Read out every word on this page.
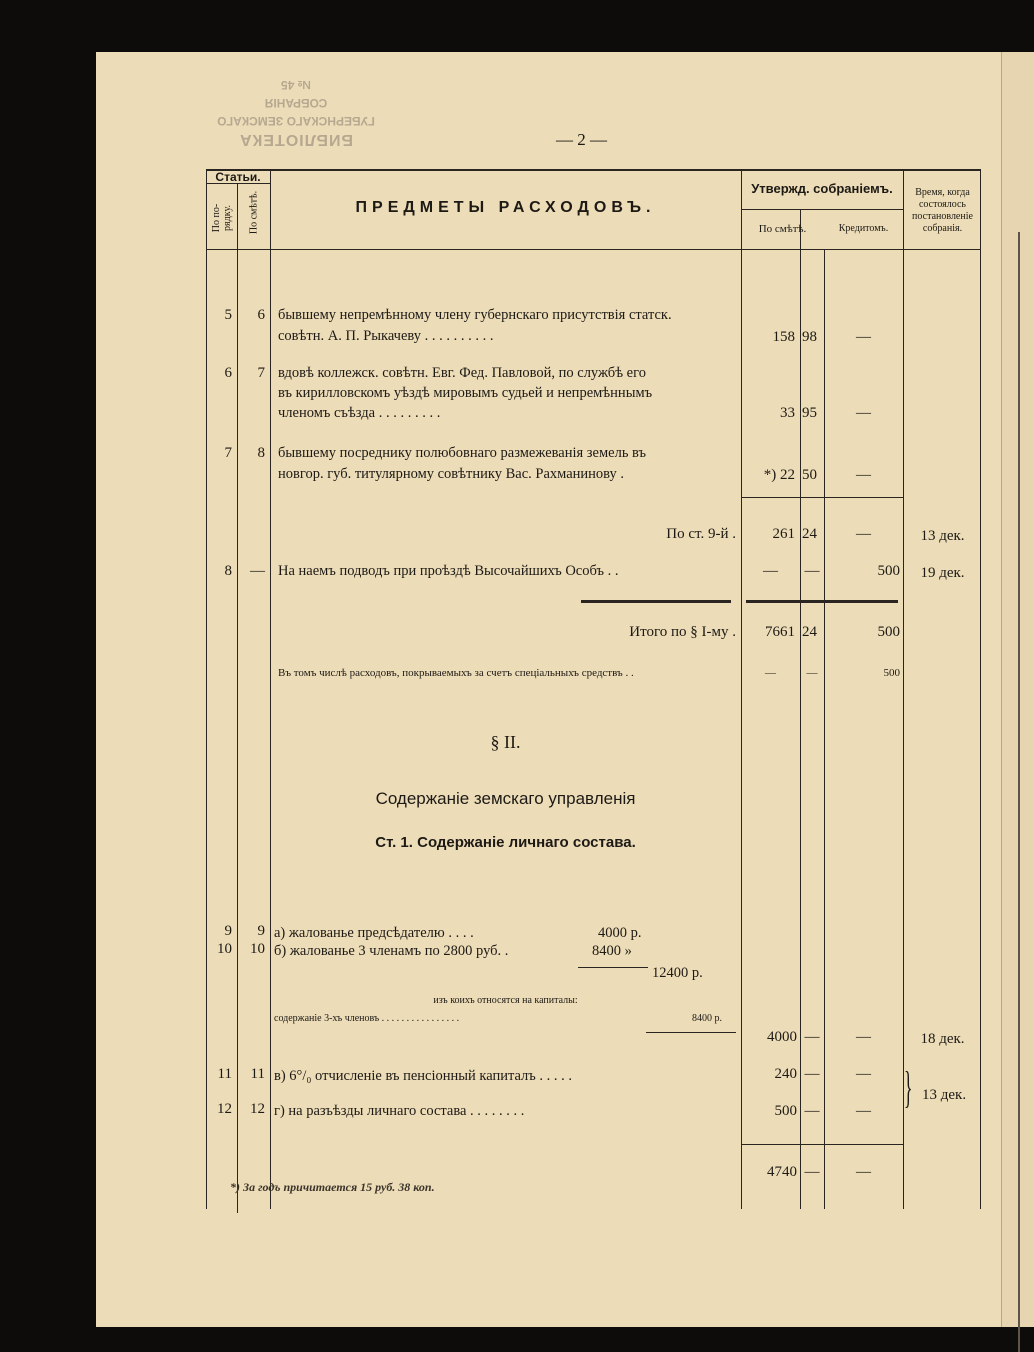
БИБЛІОТЕКА
ГУБЕРНСКАГО ЗЕМСКАГО
СОБРАНІЯ
№ 45
— 2 —
Статьи.
По по-рядку. По смѣтѣ.	ПРЕДМЕТЫ РАСХОДОВЪ.
Утвержд. собраніемъ.
По смѣтѣ.	Кредитомъ.
Время, когда состоялось постановленіе собранія.
5	6 бывшему непремѣнному члену губернскаго присутствія статск.
совѣтн. А. П. Рыкачеву . . . . . . . . . .	158 98	—
6	7 вдовѣ коллежск. совѣтн. Евг. Фед. Павловой, по службѣ его
въ кирилловскомъ уѣздѣ мировымъ судьей и непремѣннымъ
членомъ съѣзда . . . . . . . . .	33 95	—
7	8 бывшему посреднику полюбовнаго размежеванія земель въ
новгор. губ. титулярному совѣтнику Вас. Рахманинову .	*) 22 50	—
По ст. 9-й .	261 24	—	13 дек.
8	— На наемъ подводъ при проѣздѣ Высочайшихъ Особъ . .	—	—	500	19 дек.
Итого по § І-му .	7661 24	500
Въ томъ числѣ расходовъ, покрываемыхъ за счетъ спеціальныхъ средствъ . .	—	—	500
§ II.
Содержаніе земскаго управленія
Ст. 1. Содержаніе личнаго состава.
9	9 а) жалованье предсѣдателю . . . .	4000 р.
10	10 б) жалованье 3 членамъ по 2800 руб. .	8400 »
12400 р.
изъ коихъ относятся на капиталы:
содержаніе 3-хъ членовъ . . . . . . . . . . . . . . . .	8400 р.
4000 —	—	18 дек.
11	11 в) 6°/₀ отчисленіе въ пенсіонный капиталъ . . . . .	240 —	—
12	12 г) на разъѣзды личнаго состава . . . . . . . .	500 —	— } 13 дек.
4740 —	—
*) За годъ причитается 15 руб. 38 коп.
